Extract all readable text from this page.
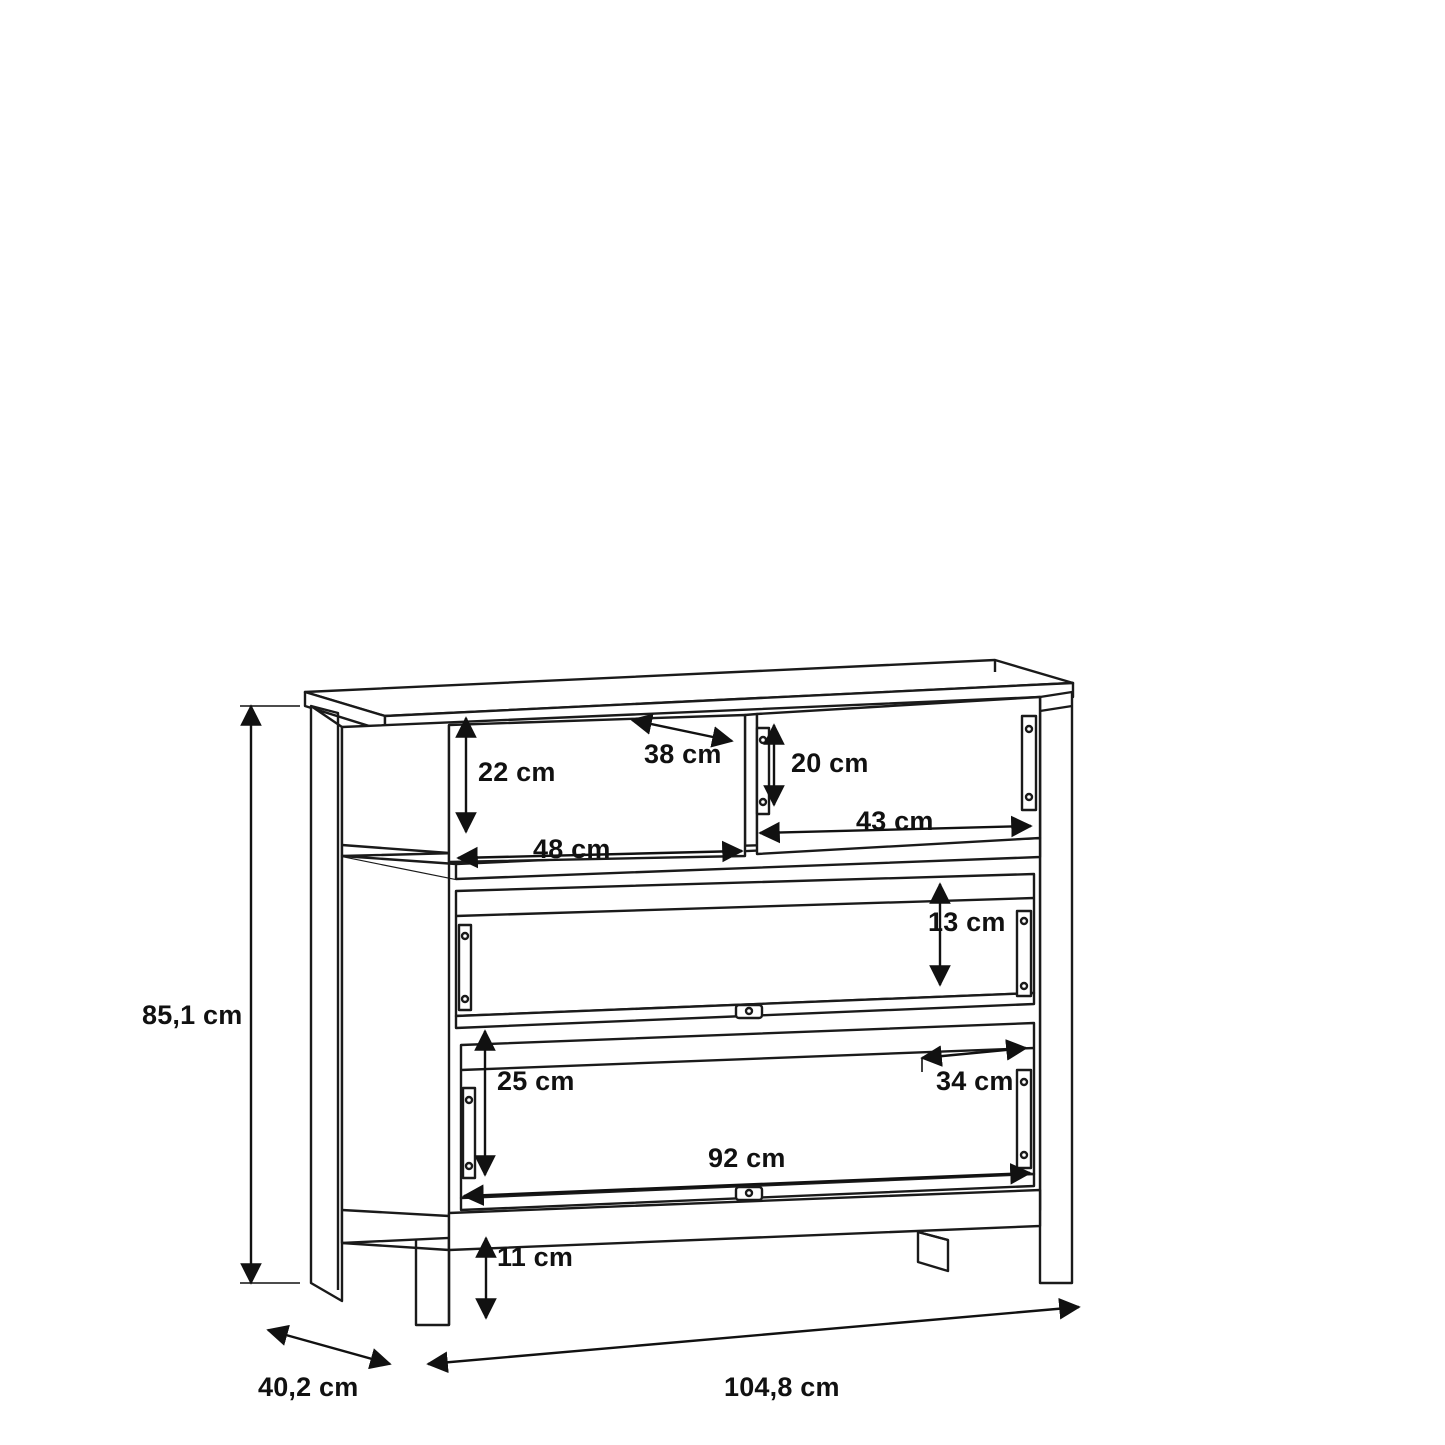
85,1 cm
40,2 cm	104,8 cm
22 cm
38 cm	20 cm
48 cm
43 cm
13 cm
25 cm	34 cm
92 cm
11 cm
